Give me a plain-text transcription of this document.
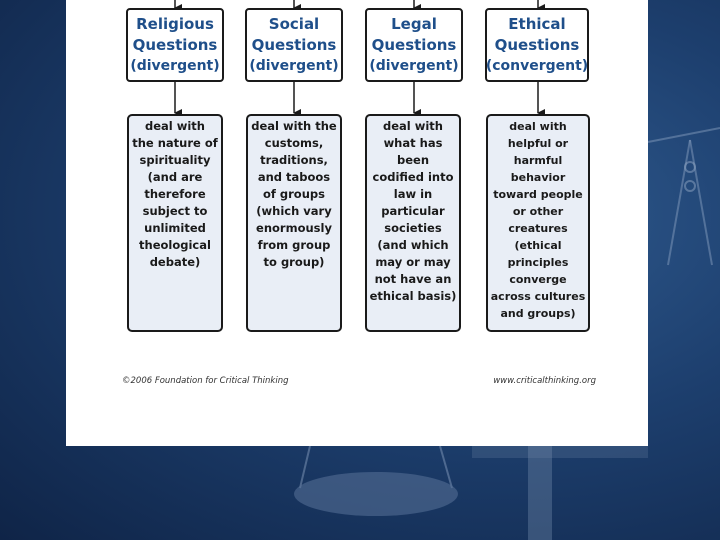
Religious
Questions
(divergent)
deal with
the nature of
spirituality
(and are
therefore
subject to
unlimited
theological
debate)
Social
Questions
(divergent)
deal with the
customs,
traditions,
and taboos
of groups
(which vary
enormously
from group
to group)
Legal
Questions
(divergent)
deal with
what has
been
codified into
law in
particular
societies
(and which
may or may
not have an
ethical basis)
Ethical
Questions
(convergent)
deal with
helpful or
harmful
behavior
toward people
or other
creatures
(ethical
principles
converge
across cultures
and groups)
©2006 Foundation for Critical Thinking	www.criticalthinking.org
